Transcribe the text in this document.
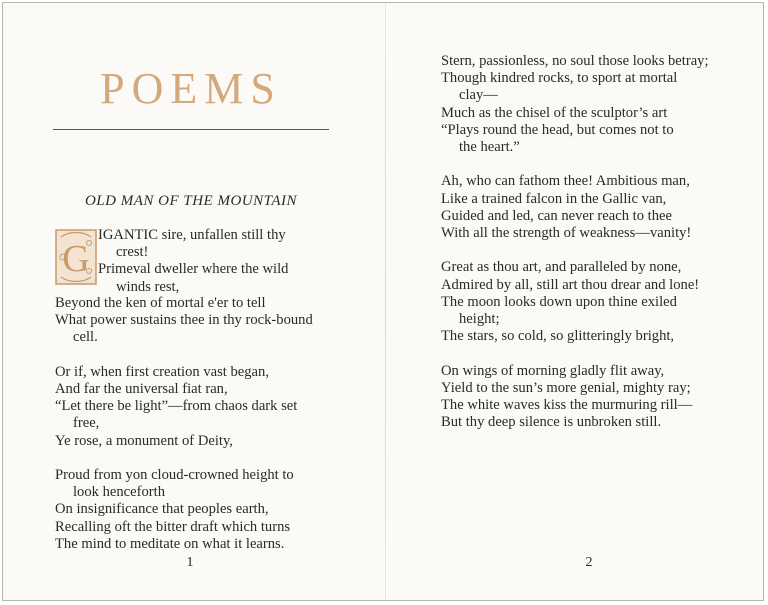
POEMS
OLD MAN OF THE MOUNTAIN
G
IGANTIC sire, unfallen still thy
crest!
Primeval dweller where the wild
winds rest,
Beyond the ken of mortal e'er to tell
What power sustains thee in thy rock-bound
cell.
Or if, when first creation vast began,
And far the universal fiat ran,
“Let there be light”—from chaos dark set
free,
Ye rose, a monument of Deity,
Proud from yon cloud-crowned height to
look henceforth
On insignificance that peoples earth,
Recalling oft the bitter draft which turns
The mind to meditate on what it learns.
1
Stern, passionless, no soul those looks betray;
Though kindred rocks, to sport at mortal
clay—
Much as the chisel of the sculptor’s art
“Plays round the head, but comes not to
the heart.”
Ah, who can fathom thee! Ambitious man,
Like a trained falcon in the Gallic van,
Guided and led, can never reach to thee
With all the strength of weakness—vanity!
Great as thou art, and paralleled by none,
Admired by all, still art thou drear and lone!
The moon looks down upon thine exiled
height;
The stars, so cold, so glitteringly bright,
On wings of morning gladly flit away,
Yield to the sun’s more genial, mighty ray;
The white waves kiss the murmuring rill—
But thy deep silence is unbroken still.
2
